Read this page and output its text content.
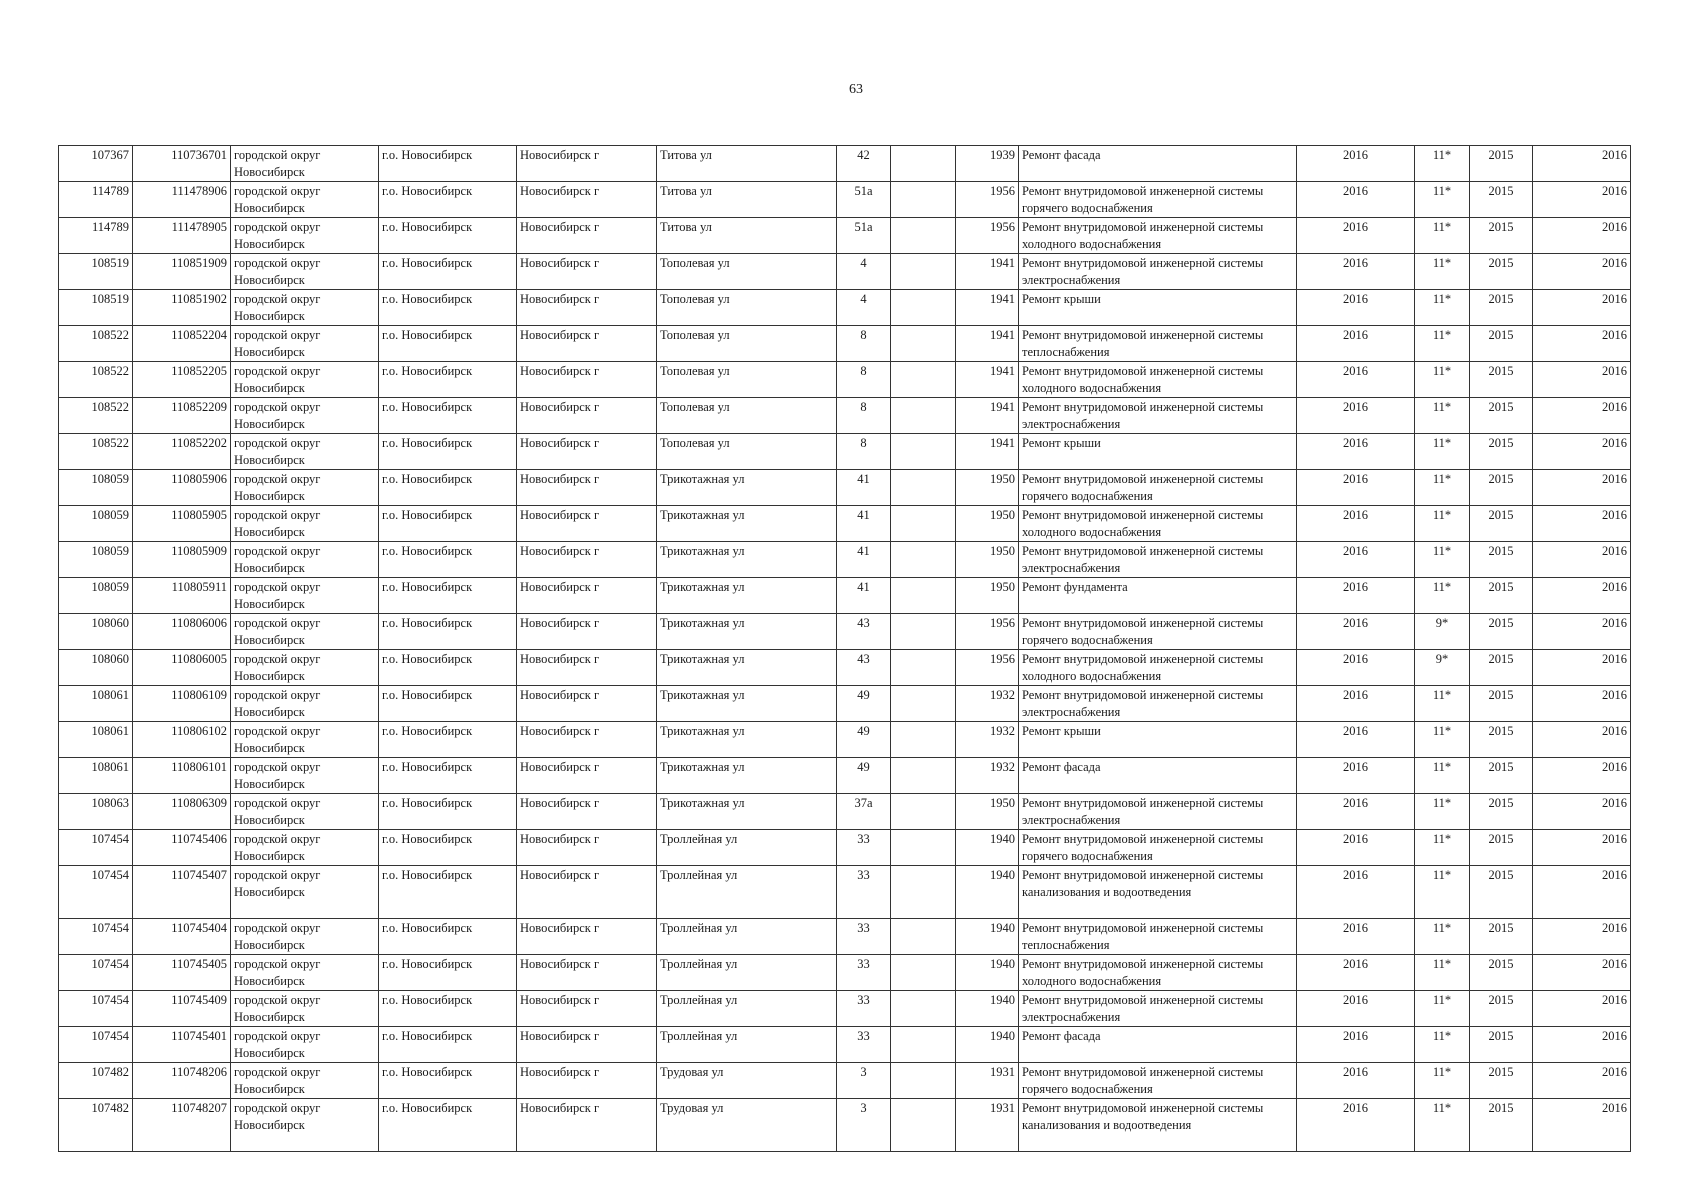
63
107367	110736701	городской округ Новосибирск	г.о. Новосибирск	Новосибирск г	Титова ул	42		1939	Ремонт фасада	2016	11*	2015	2016
114789	111478906	городской округ Новосибирск	г.о. Новосибирск	Новосибирск г	Титова ул	51а		1956	Ремонт внутридомовой инженерной системы горячего водоснабжения	2016	11*	2015	2016
114789	111478905	городской округ Новосибирск	г.о. Новосибирск	Новосибирск г	Титова ул	51а		1956	Ремонт внутридомовой инженерной системы холодного водоснабжения	2016	11*	2015	2016
108519	110851909	городской округ Новосибирск	г.о. Новосибирск	Новосибирск г	Тополевая ул	4		1941	Ремонт внутридомовой инженерной системы электроснабжения	2016	11*	2015	2016
108519	110851902	городской округ Новосибирск	г.о. Новосибирск	Новосибирск г	Тополевая ул	4		1941	Ремонт крыши	2016	11*	2015	2016
108522	110852204	городской округ Новосибирск	г.о. Новосибирск	Новосибирск г	Тополевая ул	8		1941	Ремонт внутридомовой инженерной системы теплоснабжения	2016	11*	2015	2016
108522	110852205	городской округ Новосибирск	г.о. Новосибирск	Новосибирск г	Тополевая ул	8		1941	Ремонт внутридомовой инженерной системы холодного водоснабжения	2016	11*	2015	2016
108522	110852209	городской округ Новосибирск	г.о. Новосибирск	Новосибирск г	Тополевая ул	8		1941	Ремонт внутридомовой инженерной системы электроснабжения	2016	11*	2015	2016
108522	110852202	городской округ Новосибирск	г.о. Новосибирск	Новосибирск г	Тополевая ул	8		1941	Ремонт крыши	2016	11*	2015	2016
108059	110805906	городской округ Новосибирск	г.о. Новосибирск	Новосибирск г	Трикотажная ул	41		1950	Ремонт внутридомовой инженерной системы горячего водоснабжения	2016	11*	2015	2016
108059	110805905	городской округ Новосибирск	г.о. Новосибирск	Новосибирск г	Трикотажная ул	41		1950	Ремонт внутридомовой инженерной системы холодного водоснабжения	2016	11*	2015	2016
108059	110805909	городской округ Новосибирск	г.о. Новосибирск	Новосибирск г	Трикотажная ул	41		1950	Ремонт внутридомовой инженерной системы электроснабжения	2016	11*	2015	2016
108059	110805911	городской округ Новосибирск	г.о. Новосибирск	Новосибирск г	Трикотажная ул	41		1950	Ремонт фундамента	2016	11*	2015	2016
108060	110806006	городской округ Новосибирск	г.о. Новосибирск	Новосибирск г	Трикотажная ул	43		1956	Ремонт внутридомовой инженерной системы горячего водоснабжения	2016	9*	2015	2016
108060	110806005	городской округ Новосибирск	г.о. Новосибирск	Новосибирск г	Трикотажная ул	43		1956	Ремонт внутридомовой инженерной системы холодного водоснабжения	2016	9*	2015	2016
108061	110806109	городской округ Новосибирск	г.о. Новосибирск	Новосибирск г	Трикотажная ул	49		1932	Ремонт внутридомовой инженерной системы электроснабжения	2016	11*	2015	2016
108061	110806102	городской округ Новосибирск	г.о. Новосибирск	Новосибирск г	Трикотажная ул	49		1932	Ремонт крыши	2016	11*	2015	2016
108061	110806101	городской округ Новосибирск	г.о. Новосибирск	Новосибирск г	Трикотажная ул	49		1932	Ремонт фасада	2016	11*	2015	2016
108063	110806309	городской округ Новосибирск	г.о. Новосибирск	Новосибирск г	Трикотажная ул	37а		1950	Ремонт внутридомовой инженерной системы электроснабжения	2016	11*	2015	2016
107454	110745406	городской округ Новосибирск	г.о. Новосибирск	Новосибирск г	Троллейная ул	33		1940	Ремонт внутридомовой инженерной системы горячего водоснабжения	2016	11*	2015	2016
107454	110745407	городской округ Новосибирск	г.о. Новосибирск	Новосибирск г	Троллейная ул	33		1940	Ремонт внутридомовой инженерной системы канализования и водоотведения	2016	11*	2015	2016
107454	110745404	городской округ Новосибирск	г.о. Новосибирск	Новосибирск г	Троллейная ул	33		1940	Ремонт внутридомовой инженерной системы теплоснабжения	2016	11*	2015	2016
107454	110745405	городской округ Новосибирск	г.о. Новосибирск	Новосибирск г	Троллейная ул	33		1940	Ремонт внутридомовой инженерной системы холодного водоснабжения	2016	11*	2015	2016
107454	110745409	городской округ Новосибирск	г.о. Новосибирск	Новосибирск г	Троллейная ул	33		1940	Ремонт внутридомовой инженерной системы электроснабжения	2016	11*	2015	2016
107454	110745401	городской округ Новосибирск	г.о. Новосибирск	Новосибирск г	Троллейная ул	33		1940	Ремонт фасада	2016	11*	2015	2016
107482	110748206	городской округ Новосибирск	г.о. Новосибирск	Новосибирск г	Трудовая ул	3		1931	Ремонт внутридомовой инженерной системы горячего водоснабжения	2016	11*	2015	2016
107482	110748207	городской округ Новосибирск	г.о. Новосибирск	Новосибирск г	Трудовая ул	3		1931	Ремонт внутридомовой инженерной системы канализования и водоотведения	2016	11*	2015	2016
